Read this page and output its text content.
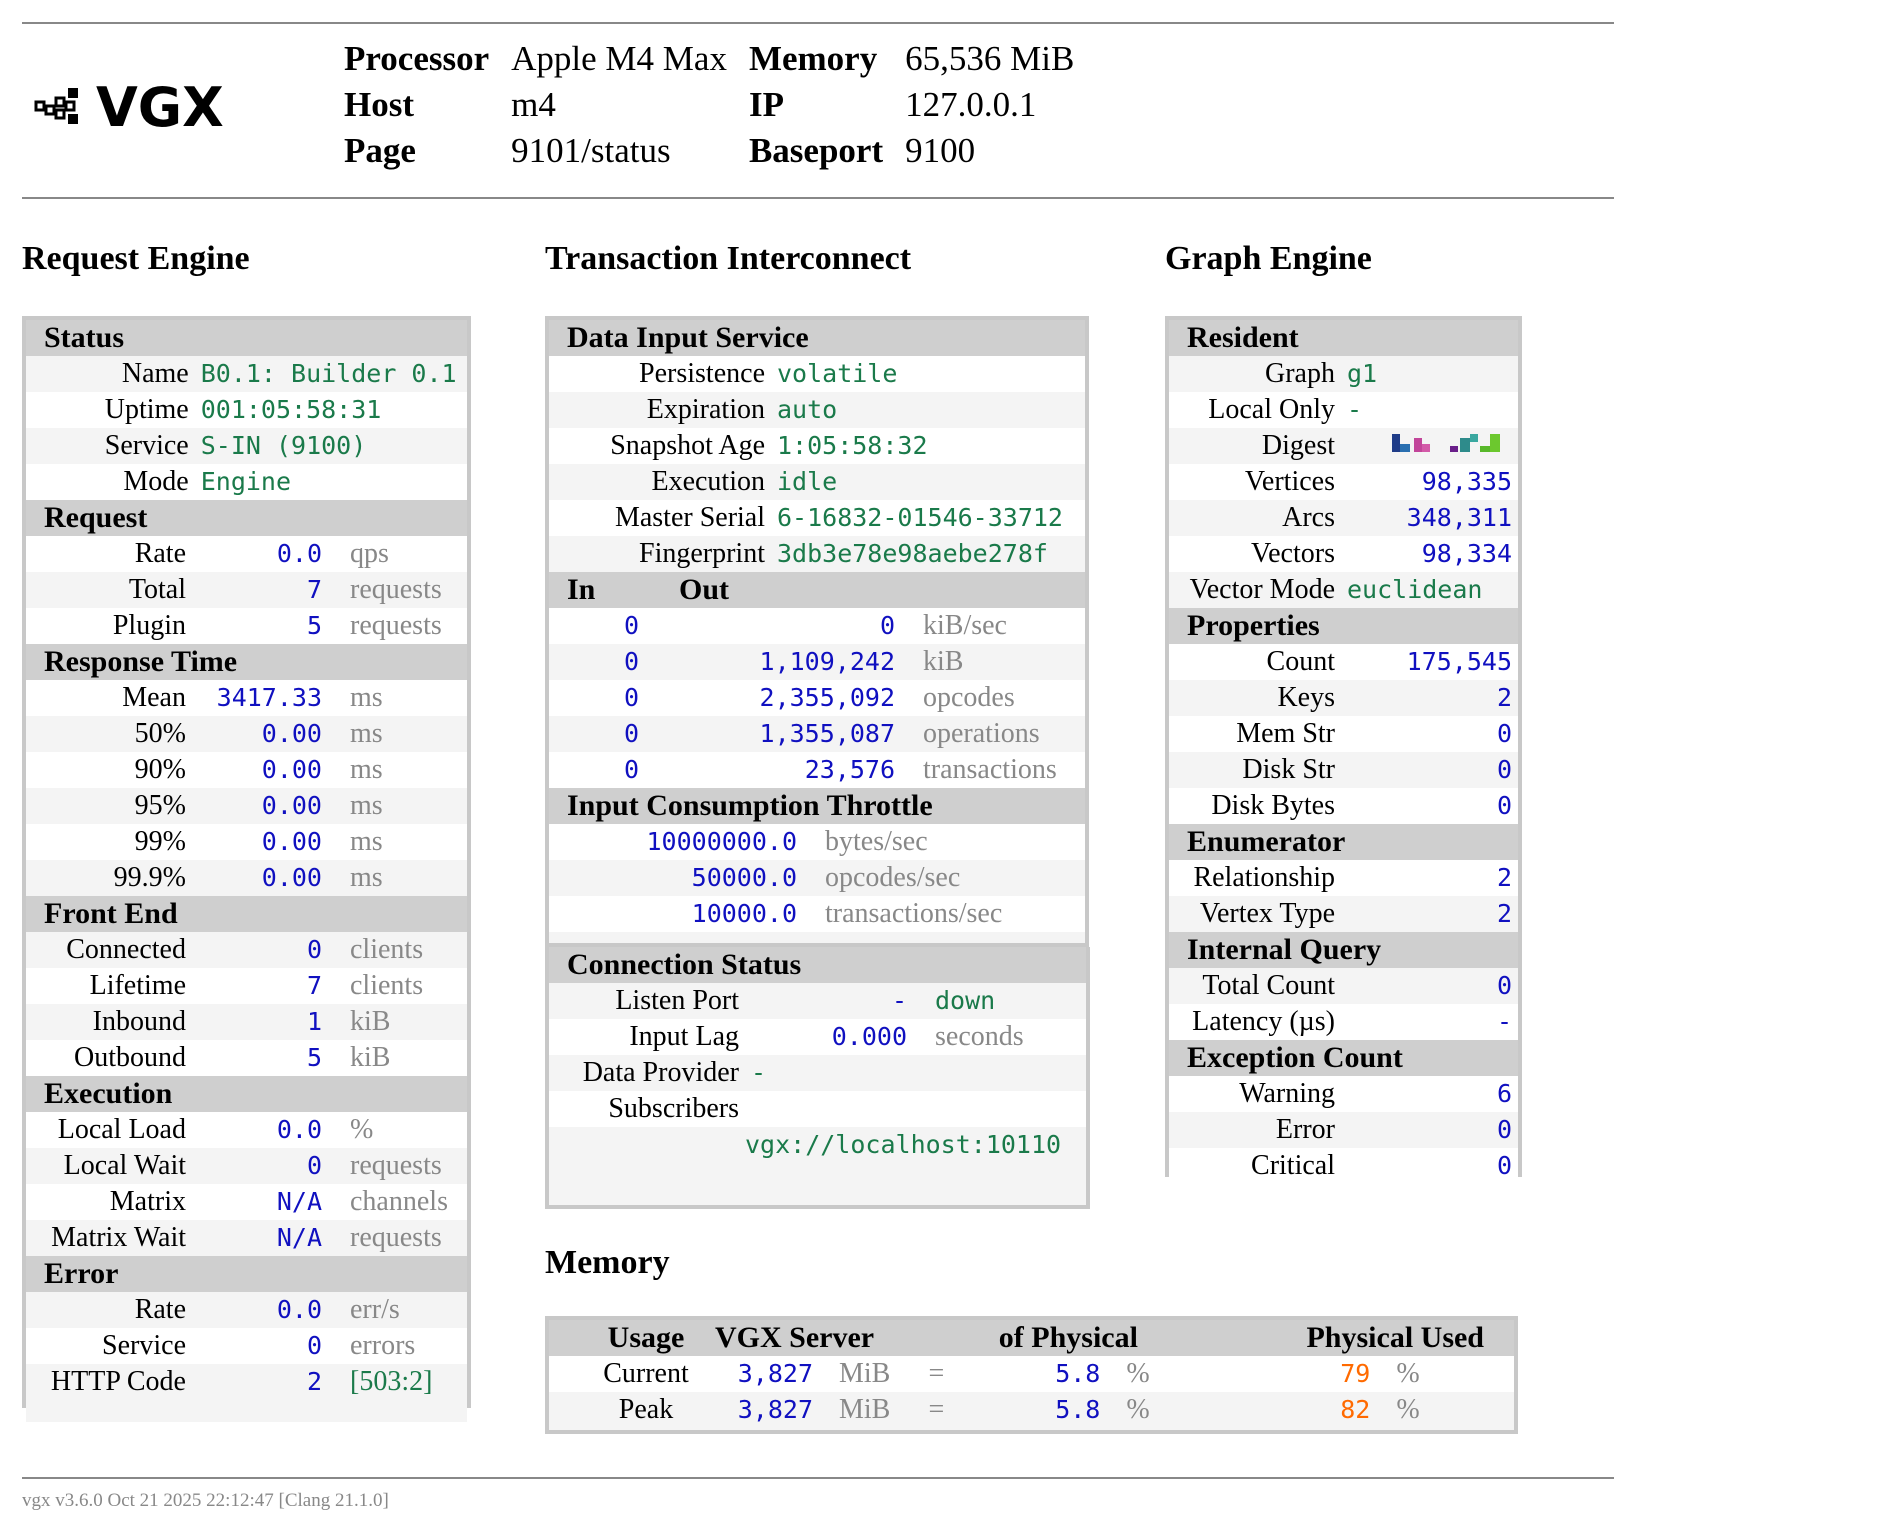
VGX
Processor	Apple M4 Max	Memory	65,536 MiB
Host	m4	IP	127.0.0.1
Page	9101/status	Baseport	9100
Request Engine	Transaction Interconnect	Graph Engine
Memory
Status	
Name	B0.1: Builder 0.1
Uptime	001:05:58:31
Service	S-IN (9100)
Mode	Engine
Request		
Rate	0.0	qps
Total	7	requests
Plugin	5	requests
Response Time		
Mean	3417.33	ms
50%	0.00	ms
90%	0.00	ms
95%	0.00	ms
99%	0.00	ms
99.9%	0.00	ms
Front End		
Connected	0	clients
Lifetime	7	clients
Inbound	1	kiB
Outbound	5	kiB
Execution		
Local Load	0.0	%
Local Wait	0	requests
Matrix	N/A	channels
Matrix Wait	N/A	requests
Error		
Rate	0.0	err/s
Service	0	errors
HTTP Code	2	[503:2]

Data Input Service	
Persistence	volatile
Expiration	auto
Snapshot Age	1:05:58:32
Execution	idle
Master Serial	6-16832-01546-33712
Fingerprint	3db3e78e98aebe278f
In	Out	
0	0	kiB/sec
0	1,109,242	kiB
0	2,355,092	opcodes
0	1,355,087	operations
0	23,576	transactions
Input Consumption Throttle	
10000000.0	bytes/sec
50000.0	opcodes/sec
10000.0	transactions/sec
Connection Status		
Listen Port	-	down
Input Lag	0.000	seconds
Data Provider	-	
Subscribers		
	vgx://localhost:10110	
Resident	
Graph	g1
Local Only	-
Digest	
Vertices	98,335
Arcs	348,311
Vectors	98,334
Vector Mode	euclidean
Properties	
Count	175,545
Keys	2
Mem Str	0
Disk Str	0
Disk Bytes	0
Enumerator	
Relationship	2
Vertex Type	2
Internal Query	
Total Count	0
Latency (µs)	-
Exception Count	
Warning	6
Error	0
Critical	0
Usage	VGX Server		of Physical			Physical Used	
Current	3,827	MiB	=	5.8	%	79	%
Peak	3,827	MiB	=	5.8	%	82	%
vgx v3.6.0 Oct 21 2025 22:12:47 [Clang 21.1.0]
